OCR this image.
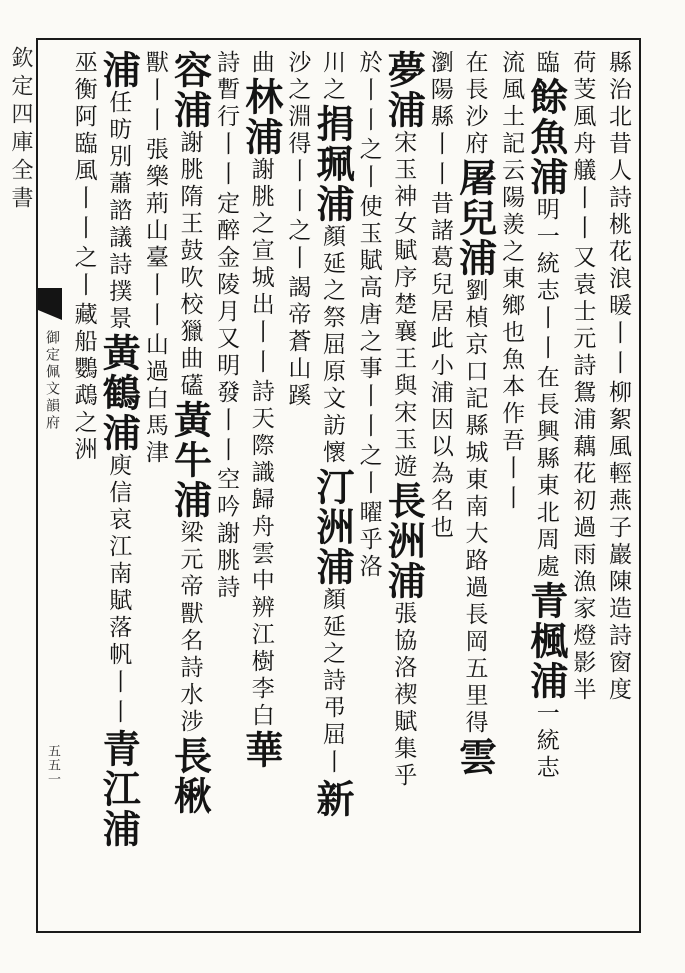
欽定四庫全書
御定佩文韻府
五五一
縣治北昔人詩桃花浪暖丨丨柳絮風輕燕子巖陳造詩窗度
荷芰風舟艤丨丨又袁士元詩鴛浦藕花初過雨漁家燈影半
臨餘魚浦明一統志丨丨在長興縣東北周處青楓浦一統志
流風土記云陽羨之東鄉也魚本作吾丨丨
在長沙府屠兒浦劉楨京口記縣城東南大路過長岡五里得雲
瀏陽縣丨丨昔諸葛兒居此小浦因以為名也
夢浦宋玉神女賦序楚襄王與宋玉遊長洲浦張協洛禊賦集乎
於丨丨之丨使玉賦高唐之事丨丨之丨曜乎洛
川之捐珮浦顏延之祭屈原文訪懷汀洲浦顏延之詩弔屈丨新
沙之淵得丨丨之丨謁帝蒼山蹊
曲林浦謝朓之宣城出丨丨詩天際識歸舟雲中辨江樹李白華
詩暫行丨丨定醉金陵月又明發丨丨空吟謝朓詩
容浦謝朓隋王鼓吹校獵曲礚黃牛浦梁元帝獸名詩水涉長楸
獸丨丨張樂荊山臺丨丨山過白馬津
浦任昉別蕭諮議詩撲景黃鶴浦庾信哀江南賦落帆丨丨青江浦
巫衡阿臨風丨丨之丨藏船鸚鵡之洲
